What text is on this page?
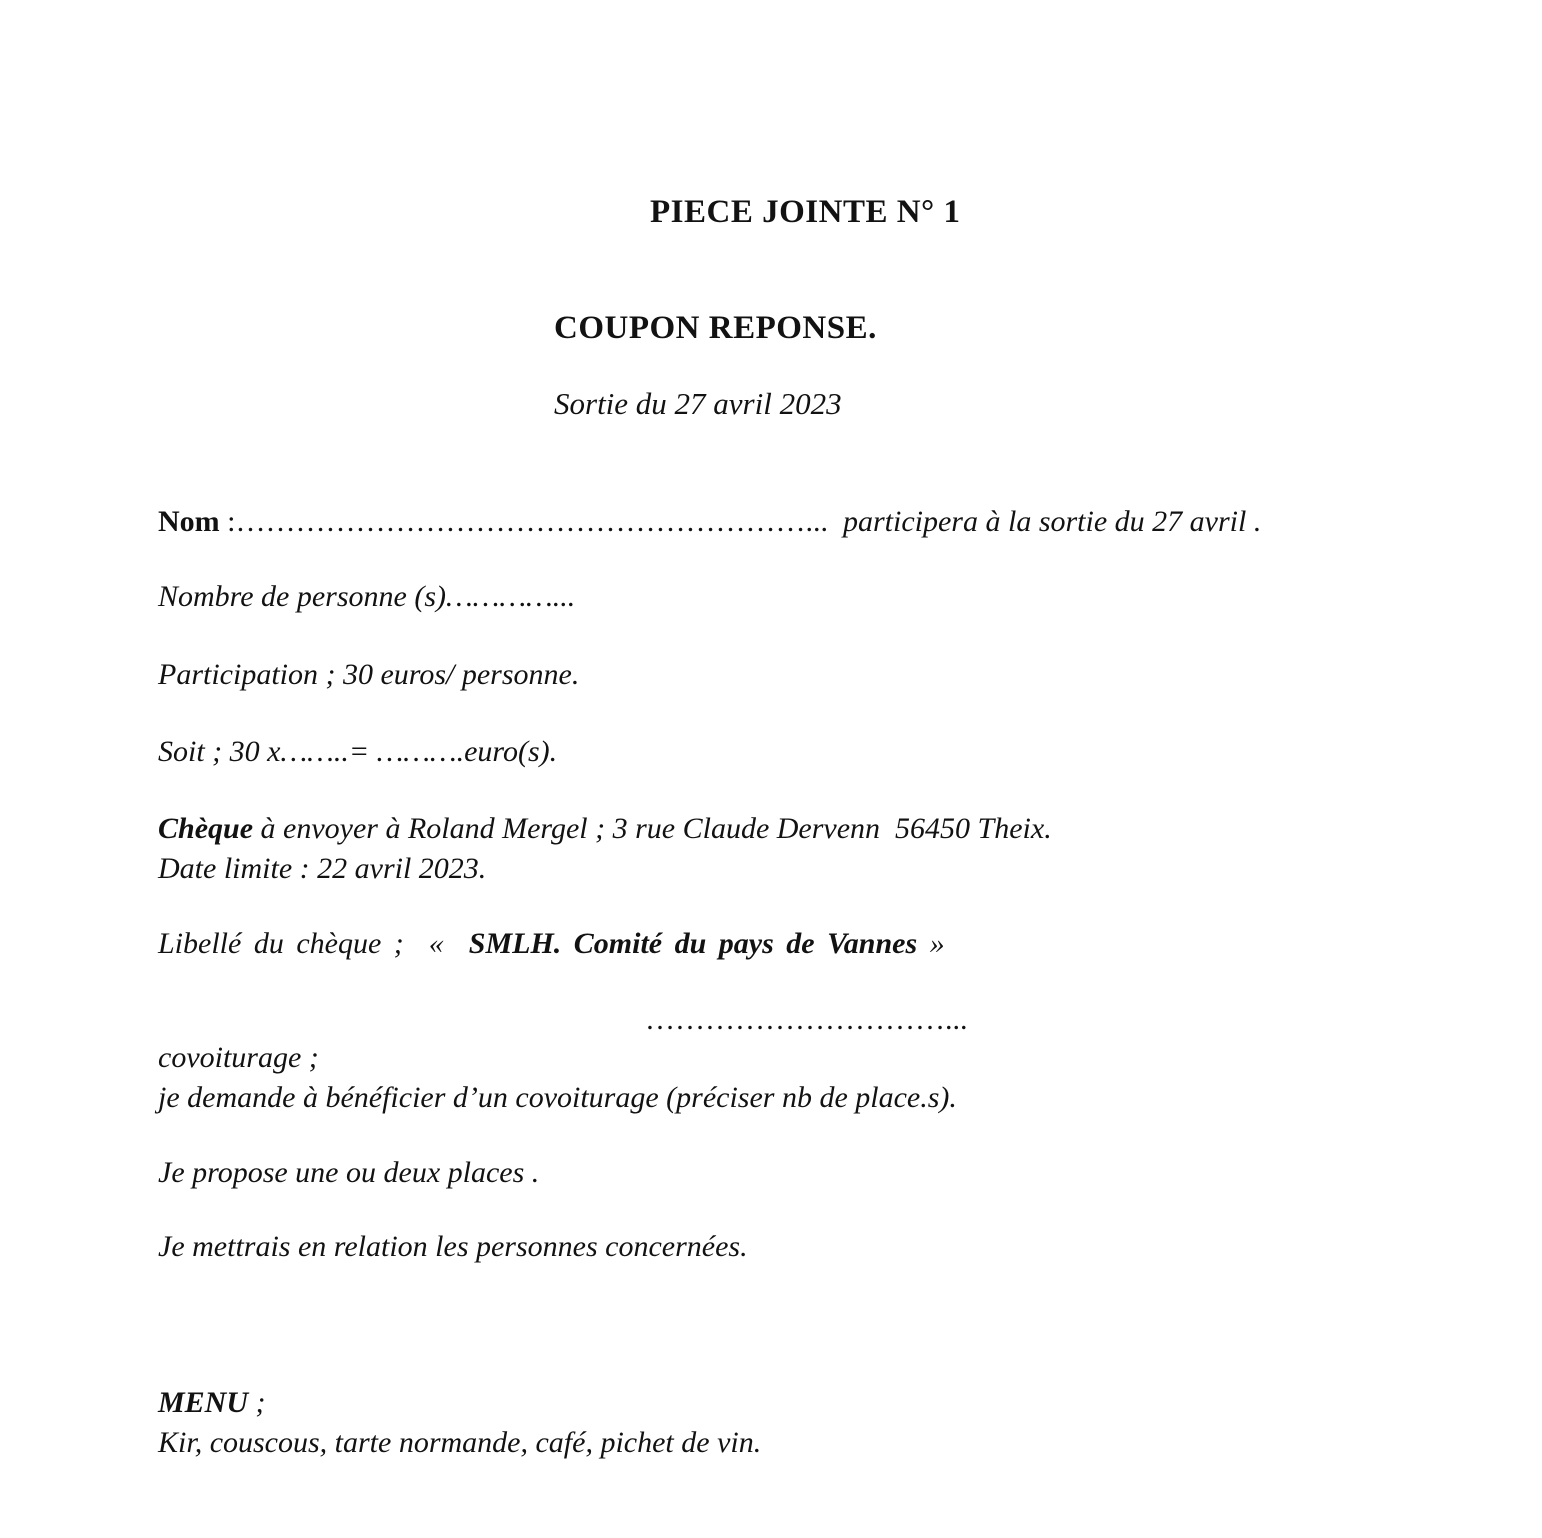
PIECE JOINTE N° 1
COUPON REPONSE.
Sortie du 27 avril 2023
Nom :…………………………………………………...  participera à la sortie du 27 avril .
Nombre de personne (s)…………...
Participation ; 30 euros/ personne.
Soit ; 30 x……..= ……….euro(s).
Chèque à envoyer à Roland Mergel ; 3 rue Claude Dervenn  56450 Theix.
Date limite : 22 avril 2023.
Libellé du chèque ;  «  SMLH. Comité du pays de Vannes »
…………………………...
covoiturage ;
je demande à bénéficier d’un covoiturage (préciser nb de place.s).
Je propose une ou deux places .
Je mettrais en relation les personnes concernées.
MENU ;
Kir, couscous, tarte normande, café, pichet de vin.
